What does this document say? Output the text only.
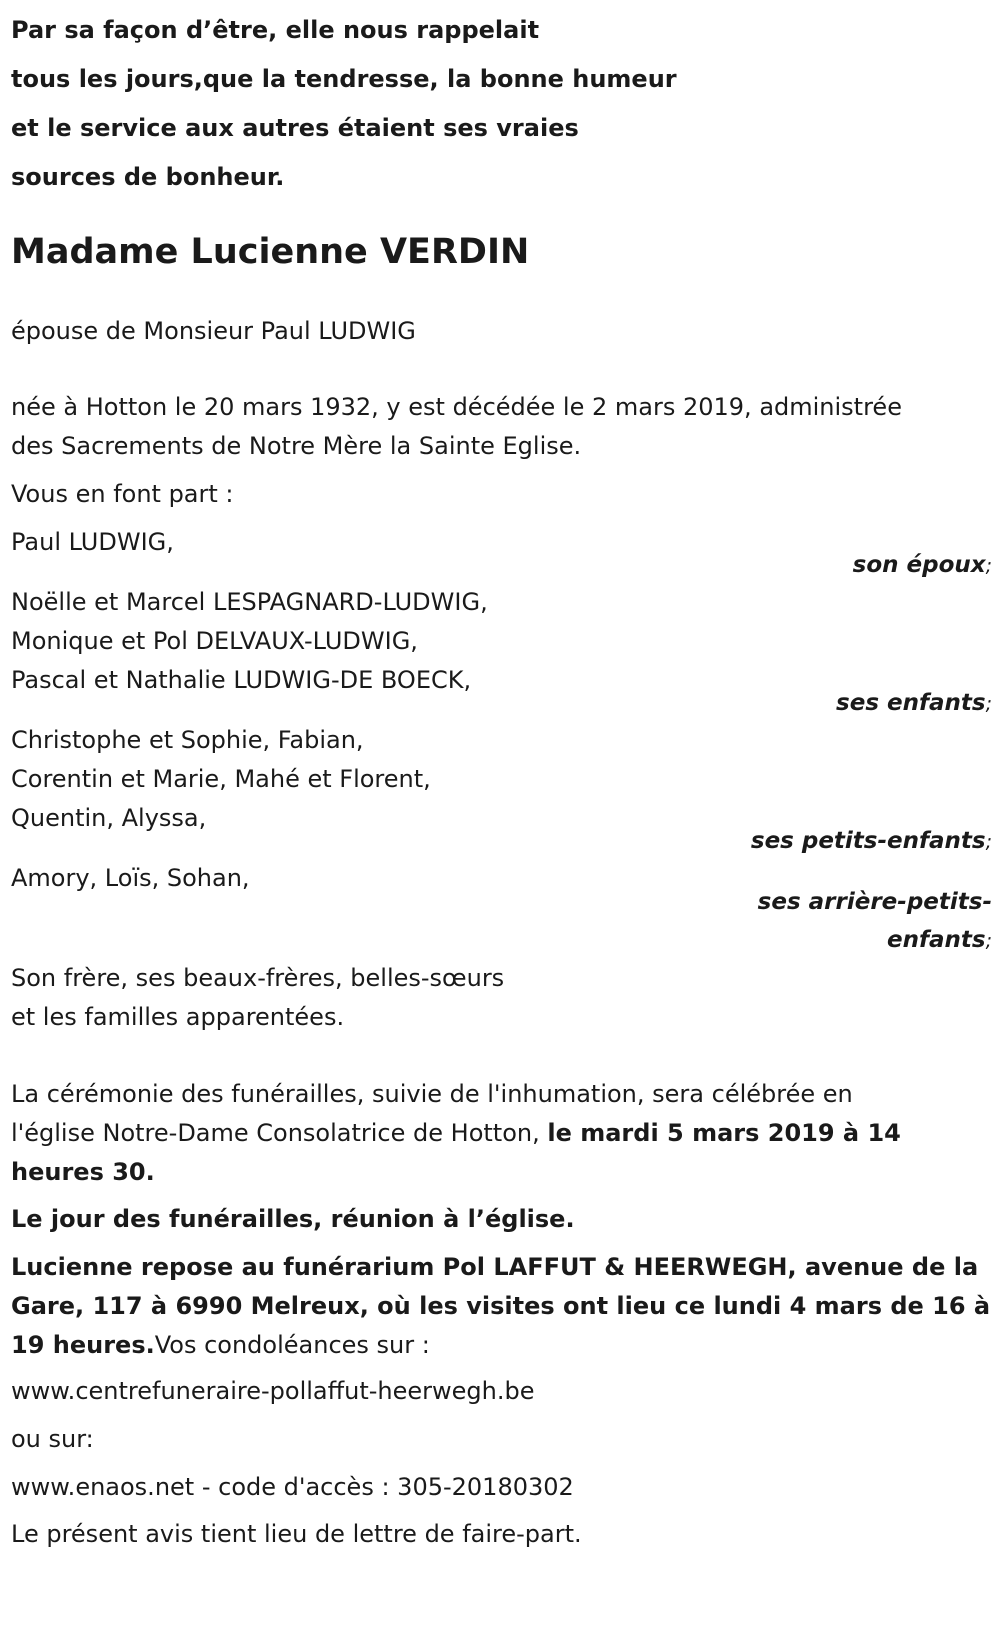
Par sa façon d’être, elle nous rappelait
tous les jours,que la tendresse, la bonne humeur
et le service aux autres étaient ses vraies
sources de bonheur.
Madame Lucienne VERDIN
épouse de Monsieur Paul LUDWIG
née à Hotton le 20 mars 1932, y est décédée le 2 mars 2019, administrée
des Sacrements de Notre Mère la Sainte Eglise.
Vous en font part :
Paul LUDWIG,
son époux;
Noëlle et Marcel LESPAGNARD-LUDWIG,
Monique et Pol DELVAUX-LUDWIG,
Pascal et Nathalie LUDWIG-DE BOECK,
ses enfants;
Christophe et Sophie, Fabian,
Corentin et Marie, Mahé et Florent,
Quentin, Alyssa,
ses petits-enfants;
Amory, Loïs, Sohan,
ses arrière-petits-
enfants;
Son frère, ses beaux-frères, belles-sœurs
et les familles apparentées.
La cérémonie des funérailles, suivie de l'inhumation, sera célébrée en
l'église Notre-Dame Consolatrice de Hotton, le mardi 5 mars 2019 à 14
heures 30.
Le jour des funérailles, réunion à l’église.
Lucienne repose au funérarium Pol LAFFUT & HEERWEGH, avenue de la
Gare, 117 à 6990 Melreux, où les visites ont lieu ce lundi 4 mars de 16 à
19 heures.Vos condoléances sur :
www.centrefuneraire-pollaffut-heerwegh.be
ou sur:
www.enaos.net - code d'accès : 305-20180302
Le présent avis tient lieu de lettre de faire-part.
